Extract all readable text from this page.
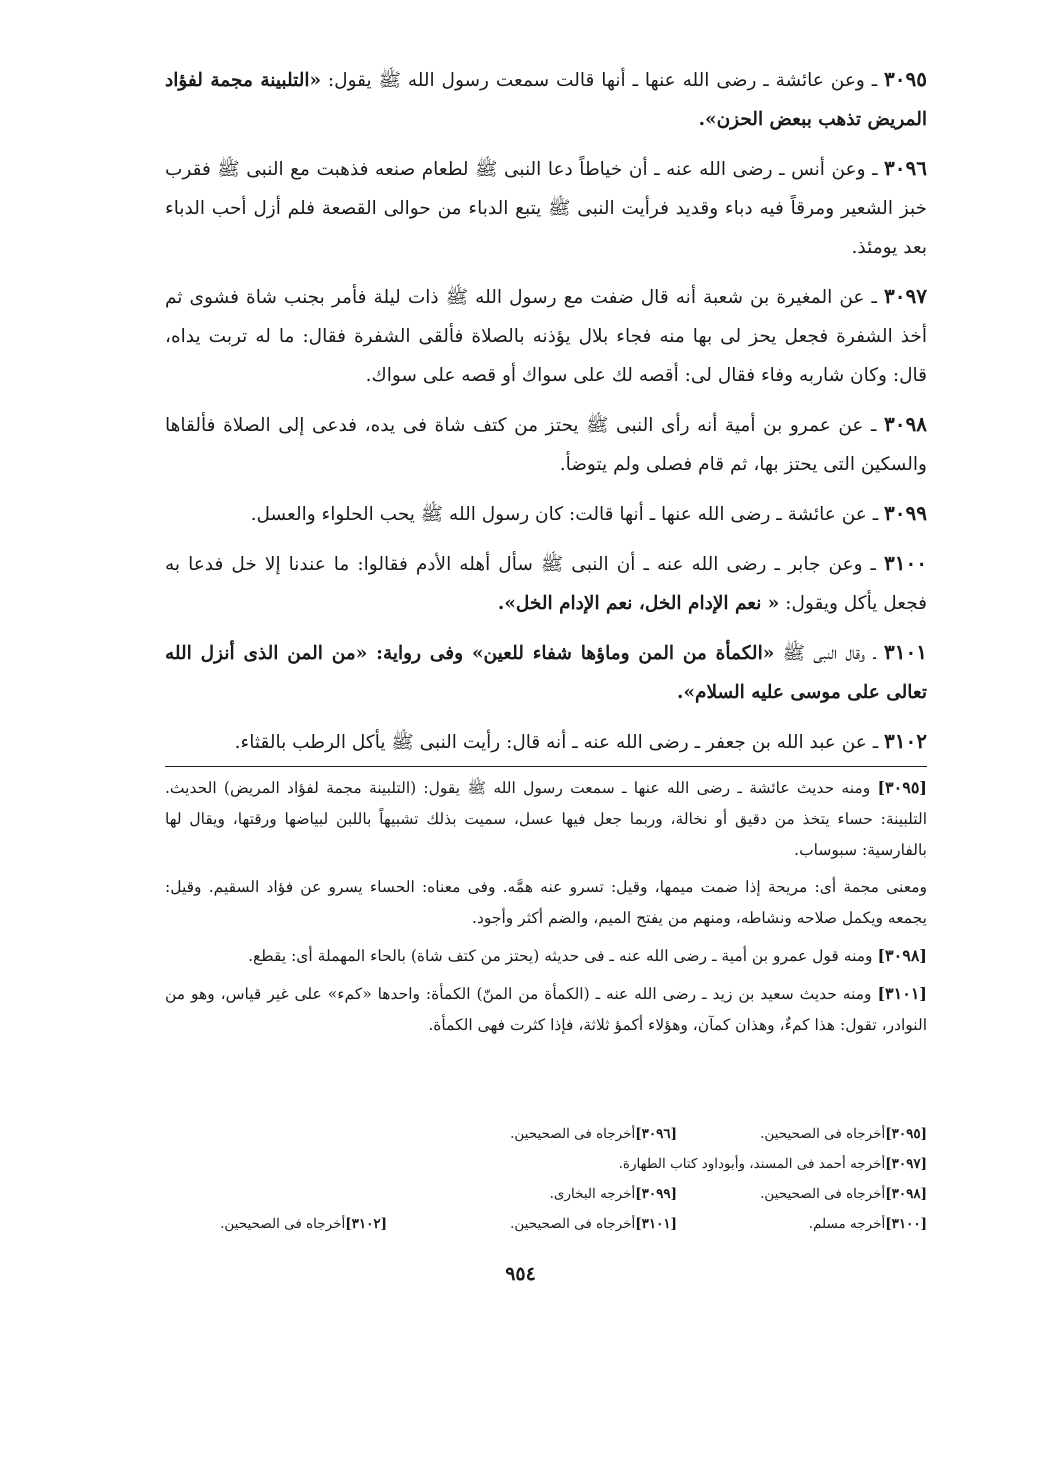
٣٠٩٥ ـ وعن عائشة ـ رضى الله عنها ـ أنها قالت سمعت رسول الله ﷺ يقول: «التلبينة مجمة لفؤاد المريض تذهب ببعض الحزن».

٣٠٩٦ ـ وعن أنس ـ رضى الله عنه ـ أن خياطاً دعا النبى ﷺ لطعام صنعه فذهبت مع النبى ﷺ فقرب خبز الشعير ومرقاً فيه دباء وقديد فرأيت النبى ﷺ يتبع الدباء من حوالى القصعة فلم أزل أحب الدباء بعد يومئذ.

٣٠٩٧ ـ عن المغيرة بن شعبة أنه قال ضفت مع رسول الله ﷺ ذات ليلة فأمر بجنب شاة فشوى ثم أخذ الشفرة فجعل يحز لى بها منه فجاء بلال يؤذنه بالصلاة فألقى الشفرة فقال: ما له تربت يداه، قال: وكان شاربه وفاء فقال لى: أقصه لك على سواك أو قصه على سواك.

٣٠٩٨ ـ عن عمرو بن أمية أنه رأى النبى ﷺ يحتز من كتف شاة فى يده، فدعى إلى الصلاة فألقاها والسكين التى يحتز بها، ثم قام فصلى ولم يتوضأ.

٣٠٩٩ ـ عن عائشة ـ رضى الله عنها ـ أنها قالت: كان رسول الله ﷺ يحب الحلواء والعسل.

٣١٠٠ ـ وعن جابر ـ رضى الله عنه ـ أن النبى ﷺ سأل أهله الأدم فقالوا: ما عندنا إلا خل فدعا به فجعل يأكل ويقول: « نعم الإدام الخل، نعم الإدام الخل».

٣١٠١ ـ وقال النبى ﷺ «الكمأة من المن وماؤها شفاء للعين» وفى رواية: «من المن الذى أنزل الله تعالى على موسى عليه السلام».

٣١٠٢ ـ عن عبد الله بن جعفر ـ رضى الله عنه ـ أنه قال: رأيت النبى ﷺ يأكل الرطب بالقثاء.

[٣٠٩٥] ومنه حديث عائشة ـ رضى الله عنها ـ سمعت رسول الله ﷺ يقول: (التلبينة مجمة لفؤاد المريض) الحديث. التلبينة: حساء يتخذ من دقيق أو نخالة، وربما جعل فيها عسل، سميت بذلك تشبيهاً باللبن لبياضها ورقتها، ويقال لها بالفارسية: سبوساب.

ومعنى مجمة أى: مريحة إذا ضمت ميمها، وقيل: تسرو عنه همَّه. وفى معناه: الحساء يسرو عن فؤاد السقيم. وقيل: يجمعه ويكمل صلاحه ونشاطه، ومنهم من يفتح الميم، والضم أكثر وأجود.

[٣٠٩٨] ومنه قول عمرو بن أمية ـ رضى الله عنه ـ فى حديثه (يحتز من كتف شاة) بالحاء المهملة أى: يقطع.

[٣١٠١] ومنه حديث سعيد بن زيد ـ رضى الله عنه ـ (الكمأة من المنّ) الكمأة: واحدها «كمء» على غير قياس، وهو من النوادر، تقول: هذا كمءٌ، وهذان كمآن، وهؤلاء أكمؤ ثلاثة، فإذا كثرت فهى الكمأة.

[٣٠٩٥]أخرجاه فى الصحيحين.
[٣٠٩٦]أخرجاه فى الصحيحين.
[٣٠٩٧]أخرجه أحمد فى المسند، وأبوداود كتاب الطهارة.
[٣٠٩٨]أخرجاه فى الصحيحين.
[٣٠٩٩]أخرجه البخارى.
[٣١٠٠]أخرجه مسلم.
[٣١٠١]أخرجاه فى الصحيحين.
[٣١٠٢]أخرجاه فى الصحيحين.
٩٥٤
